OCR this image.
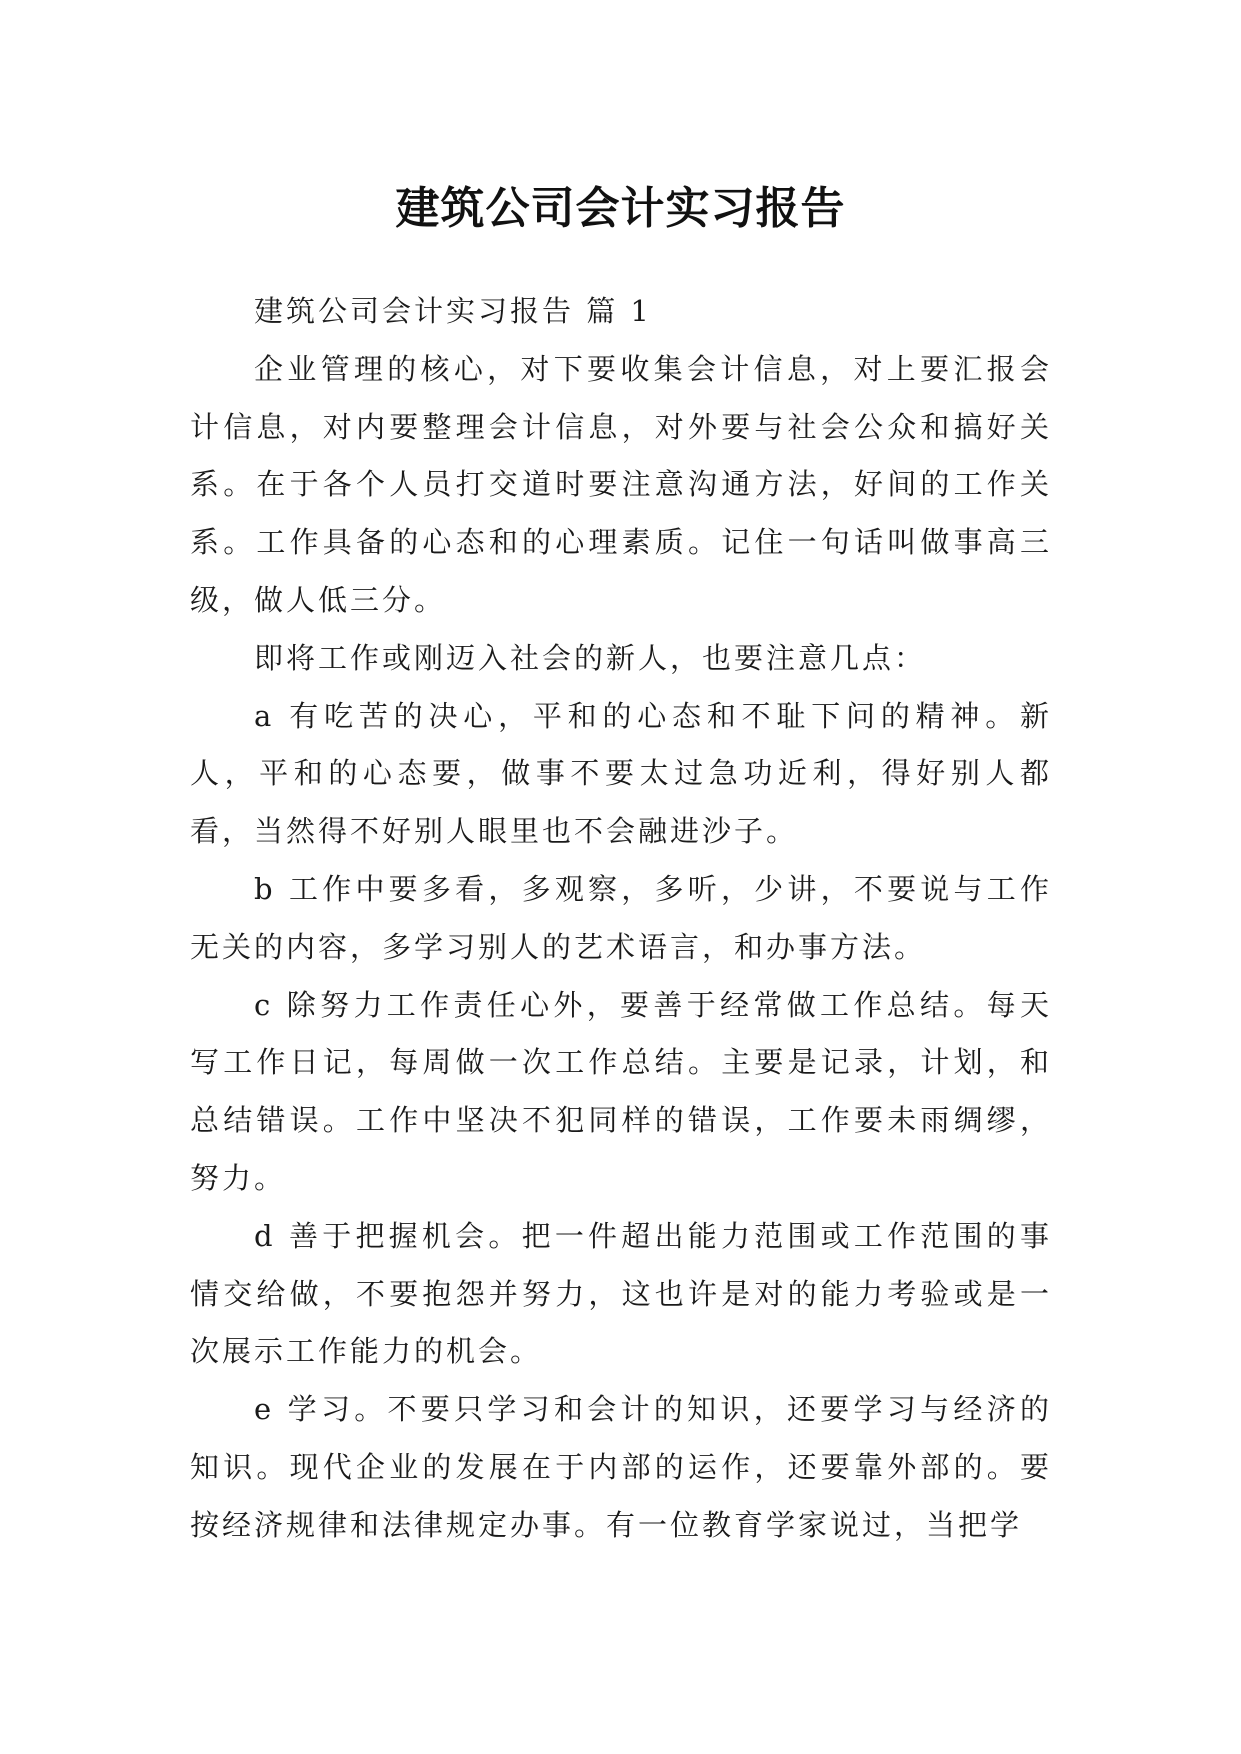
建筑公司会计实习报告

建筑公司会计实习报告 篇 1

企业管理的核心，对下要收集会计信息，对上要汇报会计信息，对内要整理会计信息，对外要与社会公众和搞好关系。在于各个人员打交道时要注意沟通方法，好间的工作关系。工作具备的心态和的心理素质。记住一句话叫做事高三级，做人低三分。

即将工作或刚迈入社会的新人，也要注意几点：

a 有吃苦的决心，平和的心态和不耻下问的精神。新人，平和的心态要，做事不要太过急功近利，得好别人都看，当然得不好别人眼里也不会融进沙子。

b 工作中要多看，多观察，多听，少讲，不要说与工作无关的内容，多学习别人的艺术语言，和办事方法。

c 除努力工作责任心外，要善于经常做工作总结。每天写工作日记，每周做一次工作总结。主要是记录，计划，和总结错误。工作中坚决不犯同样的错误，工作要未雨绸缪，努力。

d 善于把握机会。把一件超出能力范围或工作范围的事情交给做，不要抱怨并努力，这也许是对的能力考验或是一次展示工作能力的机会。

e 学习。不要只学习和会计的知识，还要学习与经济的知识。现代企业的发展在于内部的运作，还要靠外部的。要按经济规律和法律规定办事。有一位教育学家说过，当把学
